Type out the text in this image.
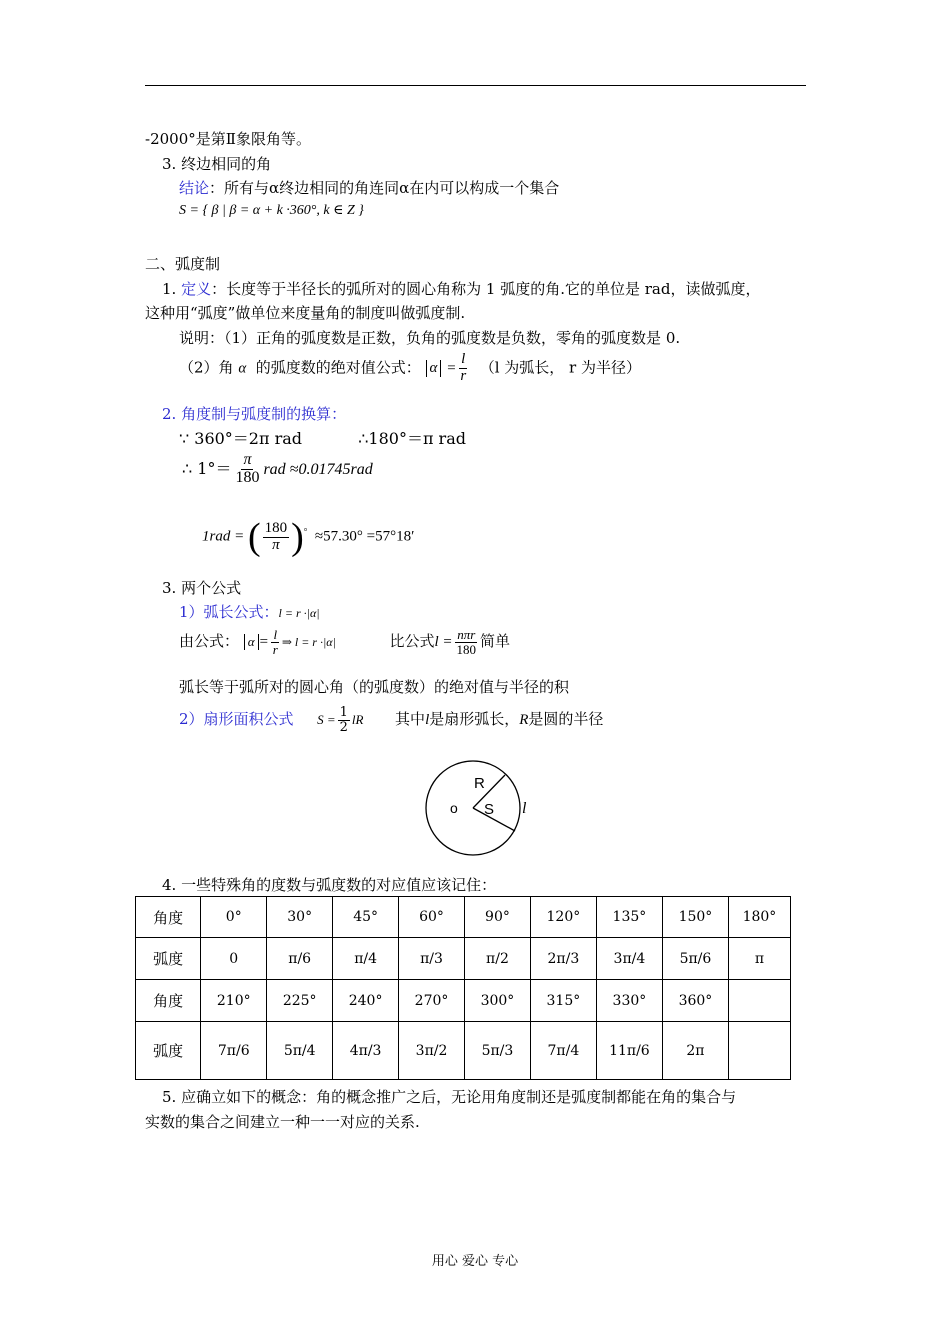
-2000°是第Ⅱ象限角等。
3. 终边相同的角
结论：所有与α终边相同的角连同α在内可以构成一个集合
S = { β | β = α + k ·360°, k ∈ Z }
二、弧度制
1. 定义：长度等于半径长的弧所对的圆心角称为 1 弧度的角.它的单位是 rad，读做弧度，
这种用“弧度”做单位来度量角的制度叫做弧度制.
说明：（1）正角的弧度数是正数，负角的弧度数是负数，零角的弧度数是 0.
（2）角 α 的弧度数的绝对值公式： $\alpha = \frac{l}{r} (l$ 为弧长， r 为半径）
2. 角度制与弧度制的换算：
∵ 360°＝2π rad	∴180°＝π rad
∴ $1^\circ= \frac{\pi}{180}$ rad ≈0.01745rad
1rad = ( $\frac{180}{\pi} )^\circ \approx 57.30^\circ =57^\circ 18'$
3. 两个公式
1）弧长公式：l = r ·|α|
由公式： $\alpha = \frac{l}{r}$ ⇒ l = r ·|α|	比公式$l = \frac{\text{nπr}}{180}$ 简单
弧长等于弧所对的圆心角（的弧度数）的绝对值与半径的积
2）扇形面积公式 $S = \frac{1}{2}$ lR 其中l是扇形弧长，R是圆的半径
o
R
S l
4. 一些特殊角的度数与弧度数的对应值应该记住：
角度	0°	30°	45°	60°	90°	120°	135°	150°	180°
弧度	0	π/6	π/4	π/3	π/2	2π/3	3π/4	5π/6	π
角度	210°	225°	240°	270°	300°	315°	330°	360°	
弧度	7π/6	5π/4	4π/3	3π/2	5π/3	7π/4	11π/6	2π	
5. 应确立如下的概念：角的概念推广之后，无论用角度制还是弧度制都能在角的集合与
实数的集合之间建立一种一一对应的关系.
用心 爱心 专心
